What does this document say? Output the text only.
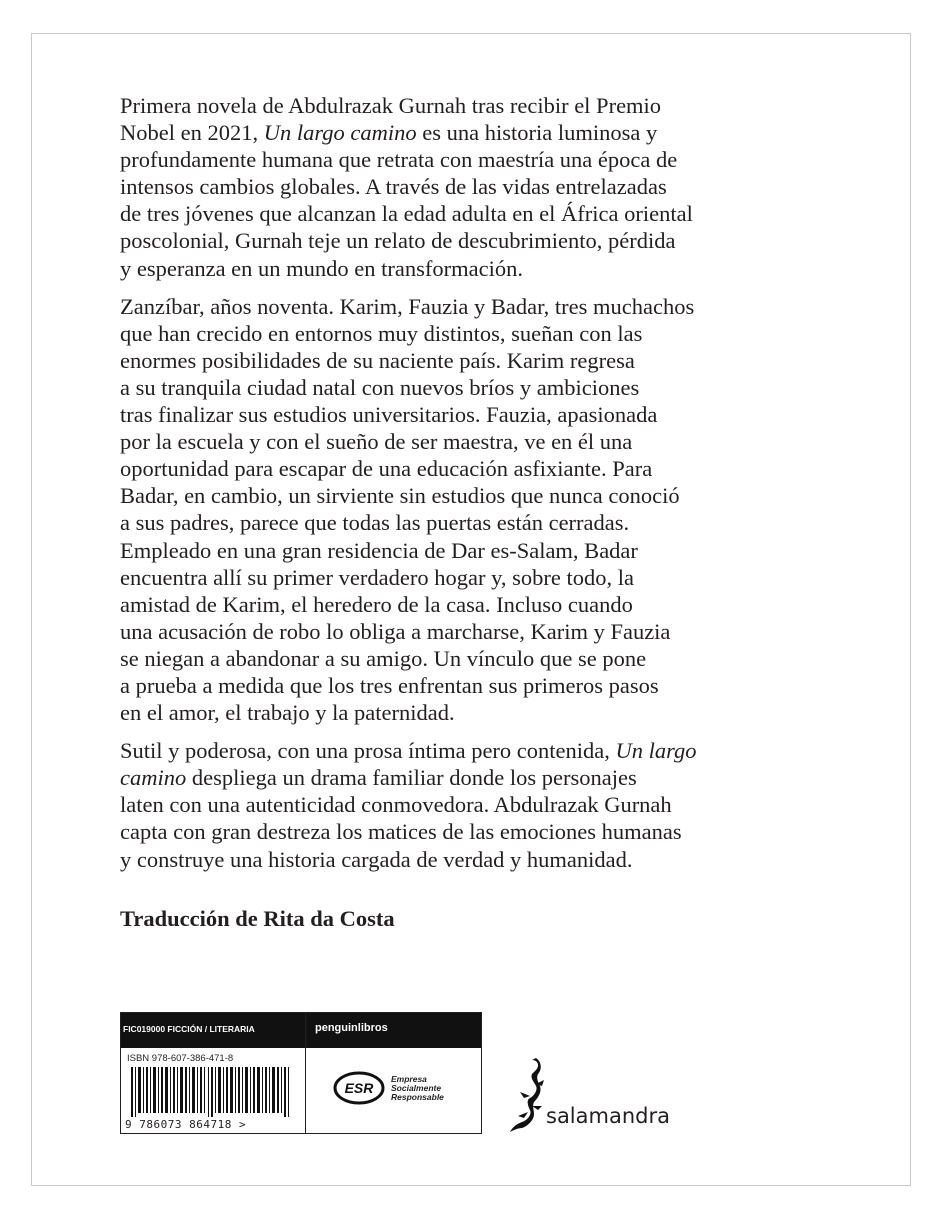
Primera novela de Abdulrazak Gurnah tras recibir el Premio
Nobel en 2021, Un largo camino es una historia luminosa y
profundamente humana que retrata con maestría una época de
intensos cambios globales. A través de las vidas entrelazadas
de tres jóvenes que alcanzan la edad adulta en el África oriental
poscolonial, Gurnah teje un relato de descubrimiento, pérdida
y esperanza en un mundo en transformación.

Zanzíbar, años noventa. Karim, Fauzia y Badar, tres muchachos
que han crecido en entornos muy distintos, sueñan con las
enormes posibilidades de su naciente país. Karim regresa
a su tranquila ciudad natal con nuevos bríos y ambiciones
tras finalizar sus estudios universitarios. Fauzia, apasionada
por la escuela y con el sueño de ser maestra, ve en él una
oportunidad para escapar de una educación asfixiante. Para
Badar, en cambio, un sirviente sin estudios que nunca conoció
a sus padres, parece que todas las puertas están cerradas.
Empleado en una gran residencia de Dar es-Salam, Badar
encuentra allí su primer verdadero hogar y, sobre todo, la
amistad de Karim, el heredero de la casa. Incluso cuando
una acusación de robo lo obliga a marcharse, Karim y Fauzia
se niegan a abandonar a su amigo. Un vínculo que se pone
a prueba a medida que los tres enfrentan sus primeros pasos
en el amor, el trabajo y la paternidad.

Sutil y poderosa, con una prosa íntima pero contenida, Un largo
camino despliega un drama familiar donde los personajes
laten con una autenticidad conmovedora. Abdulrazak Gurnah
capta con gran destreza los matices de las emociones humanas
y construye una historia cargada de verdad y humanidad.

Traducción de Rita da Costa
FIC019000 FICCIÓN / LITERARIA	penguinlibros
ISBN 978-607-386-471-8
9 786073 864718 >
ESR
Empresa
Socialmente
Responsable
salamandra
